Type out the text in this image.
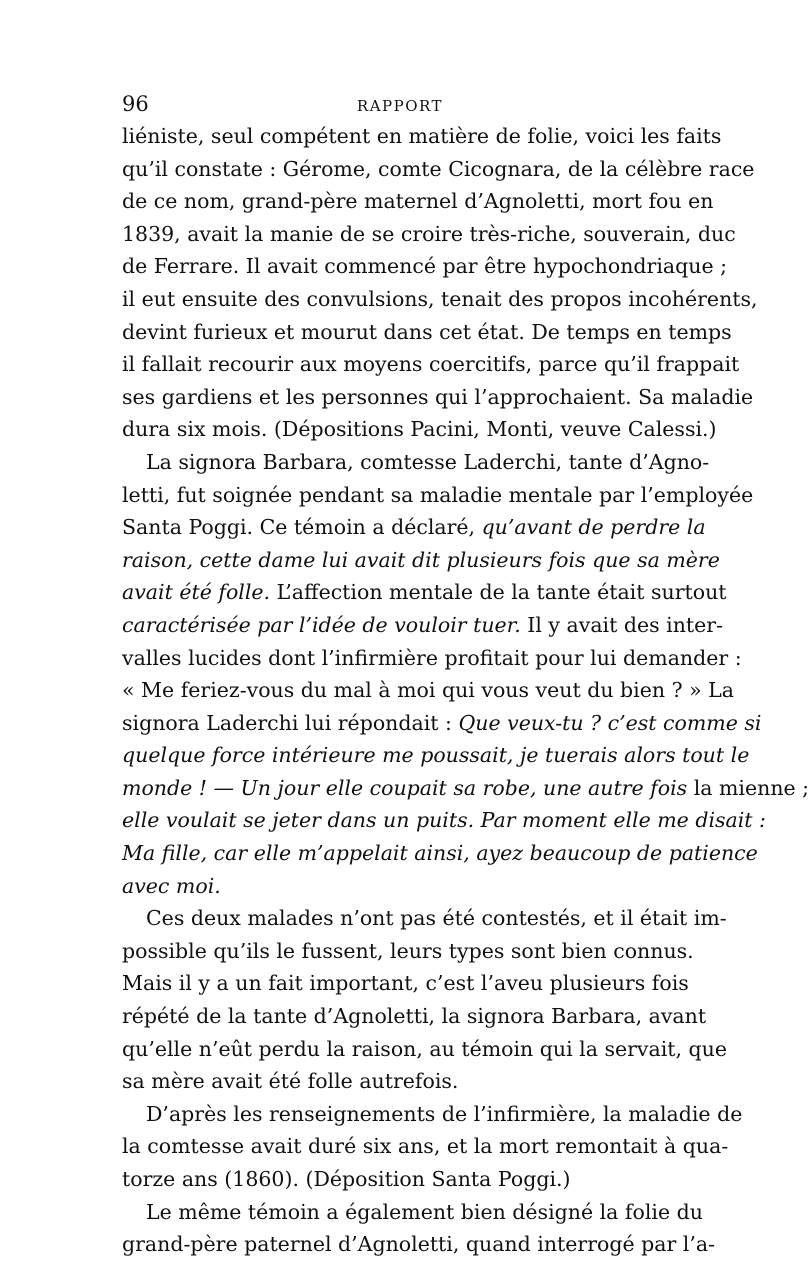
96	RAPPORT
liéniste, seul compétent en matière de folie, voici les faits
qu’il constate : Gérome, comte Cicognara, de la célèbre race
de ce nom, grand-père maternel d’Agnoletti, mort fou en
1839, avait la manie de se croire très-riche, souverain, duc
de Ferrare. Il avait commencé par être hypochondriaque ;
il eut ensuite des convulsions, tenait des propos incohérents,
devint furieux et mourut dans cet état. De temps en temps
il fallait recourir aux moyens coercitifs, parce qu’il frappait
ses gardiens et les personnes qui l’approchaient. Sa maladie
dura six mois. (Dépositions Pacini, Monti, veuve Calessi.)
La signora Barbara, comtesse Laderchi, tante d’Agno-
letti, fut soignée pendant sa maladie mentale par l’employée
Santa Poggi. Ce témoin a déclaré, qu’avant de perdre la
raison, cette dame lui avait dit plusieurs fois que sa mère
avait été folle. L’affection mentale de la tante était surtout
caractérisée par l’idée de vouloir tuer. Il y avait des inter-
valles lucides dont l’infirmière profitait pour lui demander :
« Me feriez-vous du mal à moi qui vous veut du bien ? » La
signora Laderchi lui répondait : Que veux-tu ? c’est comme si
quelque force intérieure me poussait, je tuerais alors tout le
monde ! — Un jour elle coupait sa robe, une autre fois la mienne ;
elle voulait se jeter dans un puits. Par moment elle me disait :
Ma fille, car elle m’appelait ainsi, ayez beaucoup de patience
avec moi.
Ces deux malades n’ont pas été contestés, et il était im-
possible qu’ils le fussent, leurs types sont bien connus.
Mais il y a un fait important, c’est l’aveu plusieurs fois
répété de la tante d’Agnoletti, la signora Barbara, avant
qu’elle n’eût perdu la raison, au témoin qui la servait, que
sa mère avait été folle autrefois.
D’après les renseignements de l’infirmière, la maladie de
la comtesse avait duré six ans, et la mort remontait à qua-
torze ans (1860). (Déposition Santa Poggi.)
Le même témoin a également bien désigné la folie du
grand-père paternel d’Agnoletti, quand interrogé par l’a-
